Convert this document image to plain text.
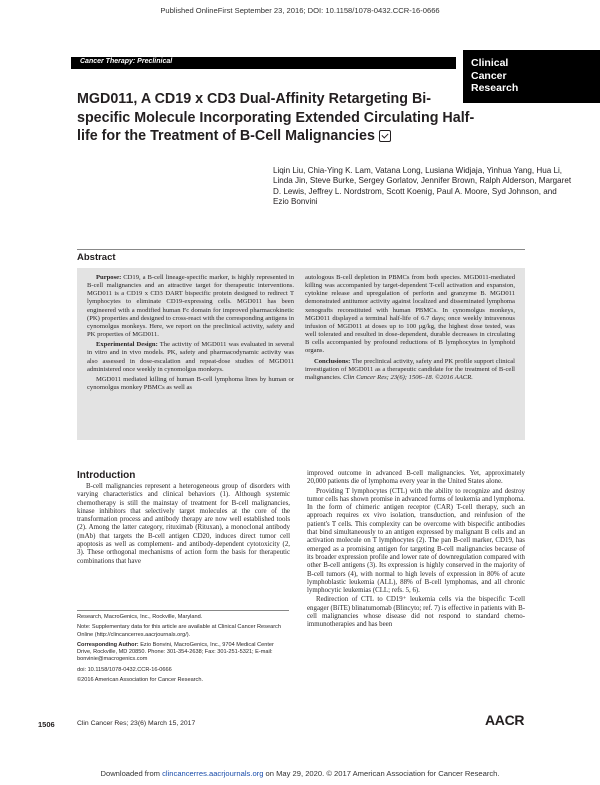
Published OnlineFirst September 23, 2016; DOI: 10.1158/1078-0432.CCR-16-0666
Cancer Therapy: Preclinical	Clinical
Cancer
Research
MGD011, A CD19 x CD3 Dual-Affinity Retargeting Bi-specific Molecule Incorporating Extended Circulating Half-life for the Treatment of B-Cell Malignancies
Liqin Liu, Chia-Ying K. Lam, Vatana Long, Lusiana Widjaja, Yinhua Yang, Hua Li, Linda Jin, Steve Burke, Sergey Gorlatov, Jennifer Brown, Ralph Alderson, Margaret D. Lewis, Jeffrey L. Nordstrom, Scott Koenig, Paul A. Moore, Syd Johnson, and Ezio Bonvini
Abstract

Purpose: CD19, a B-cell lineage-specific marker, is highly represented in B-cell malignancies and an attractive target for therapeutic interventions. MGD011 is a CD19 x CD3 DART bispecific protein designed to redirect T lymphocytes to eliminate CD19-expressing cells. MGD011 has been engineered with a modified human Fc domain for improved pharmacokinetic (PK) properties and designed to cross-react with the corresponding antigens in cynomolgus monkeys. Here, we report on the preclinical activity, safety and PK properties of MGD011.

Experimental Design: The activity of MGD011 was evaluated in several in vitro and in vivo models. PK, safety and pharmacodynamic activity was also assessed in dose-escalation and repeat-dose studies of MGD011 administered once weekly in cynomolgus monkeys.

MGD011 mediated killing of human B-cell lymphoma lines by human or cynomolgus monkey PBMCs as well as

autologous B-cell depletion in PBMCs from both species. MGD011-mediated killing was accompanied by target-dependent T-cell activation and expansion, cytokine release and upregulation of perforin and granzyme B. MGD011 demonstrated antitumor activity against localized and disseminated lymphoma xenografts reconstituted with human PBMCs. In cynomolgus monkeys, MGD011 displayed a terminal half-life of 6.7 days; once weekly intravenous infusion of MGD011 at doses up to 100 μg/kg, the highest dose tested, was well tolerated and resulted in dose-dependent, durable decreases in circulating B cells accompanied by profound reductions of B lymphocytes in lymphoid organs.

Conclusions: The preclinical activity, safety and PK profile support clinical investigation of MGD011 as a therapeutic candidate for the treatment of B-cell malignancies. Clin Cancer Res; 23(6); 1506–18. ©2016 AACR.

Introduction

B-cell malignancies represent a heterogeneous group of disorders with varying characteristics and clinical behaviors (1). Although systemic chemotherapy is still the mainstay of treatment for B-cell malignancies, kinase inhibitors that selectively target molecules at the core of the transformation process and antibody therapy are now well established tools (2). Among the latter category, rituximab (Rituxan), a monoclonal antibody (mAb) that targets the B-cell antigen CD20, induces direct tumor cell apoptosis as well as complement- and antibody-dependent cytotoxicity (2, 3). These orthogonal mechanisms of action form the basis for therapeutic combinations that have

improved outcome in advanced B-cell malignancies. Yet, approximately 20,000 patients die of lymphoma every year in the United States alone.

Providing T lymphocytes (CTL) with the ability to recognize and destroy tumor cells has shown promise in advanced forms of leukemia and lymphoma. In the form of chimeric antigen receptor (CAR) T-cell therapy, such an approach requires ex vivo isolation, transduction, and reinfusion of the patient's T cells. This complexity can be overcome with bispecific antibodies that bind simultaneously to an antigen expressed by malignant B cells and an activation molecule on T lymphocytes (2). The pan B-cell marker, CD19, has emerged as a promising antigen for targeting B-cell malignancies because of its broader expression profile and lower rate of downregulation compared with other B-cell antigens (3). Its expression is highly conserved in the majority of B-cell tumors (4), with normal to high levels of expression in 80% of acute lymphoblastic leukemia (ALL), 88% of B-cell lymphomas, and all chronic lymphocytic leukemias (CLL; refs. 5, 6).

Redirection of CTL to CD19⁺ leukemia cells via the bispecific T-cell engager (BiTE) blinatumomab (Blincyto; ref. 7) is effective in patients with B-cell malignancies whose disease did not respond to standard chemo-immunotherapies and has been

Research, MacroGenics, Inc., Rockville, Maryland.

Note: Supplementary data for this article are available at Clinical Cancer Research Online (http://clincancerres.aacrjournals.org/).

Corresponding Author: Ezio Bonvini, MacroGenics, Inc., 9704 Medical Center Drive, Rockville, MD 20850. Phone: 301-354-2638; Fax: 301-251-5321; E-mail: bonvinie@macrogenics.com

doi: 10.1158/1078-0432.CCR-16-0666

©2016 American Association for Cancer Research.

1506	Clin Cancer Res; 23(6) March 15, 2017	AACR
Downloaded from clincancerres.aacrjournals.org on May 29, 2020. © 2017 American Association for Cancer Research.
